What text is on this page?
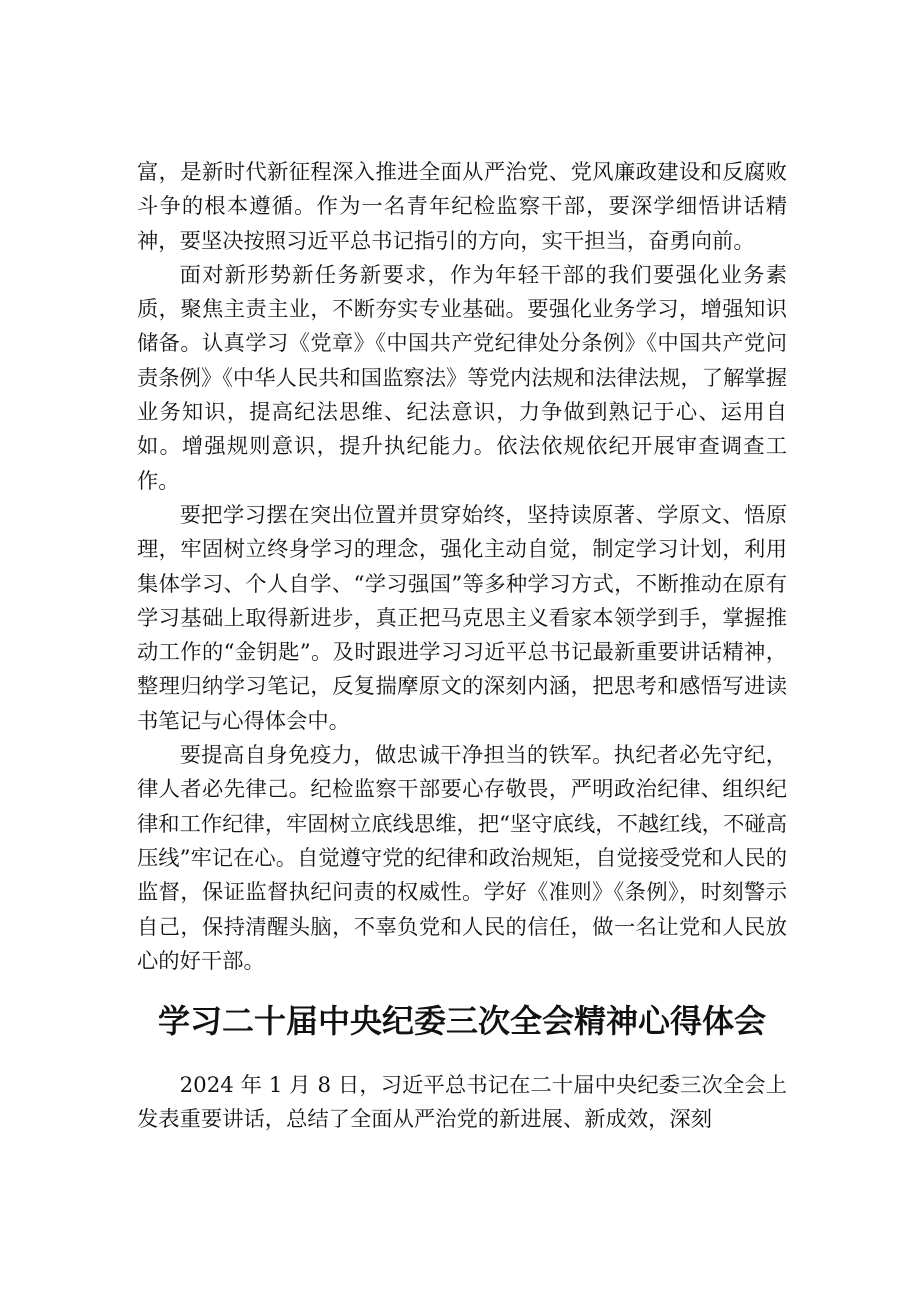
富，是新时代新征程深入推进全面从严治党、党风廉政建设和反腐败斗争的根本遵循。作为一名青年纪检监察干部，要深学细悟讲话精神，要坚决按照习近平总书记指引的方向，实干担当，奋勇向前。

面对新形势新任务新要求，作为年轻干部的我们要强化业务素质，聚焦主责主业，不断夯实专业基础。要强化业务学习，增强知识储备。认真学习《党章》《中国共产党纪律处分条例》《中国共产党问责条例》《中华人民共和国监察法》等党内法规和法律法规，了解掌握业务知识，提高纪法思维、纪法意识，力争做到熟记于心、运用自如。增强规则意识，提升执纪能力。依法依规依纪开展审查调查工作。

要把学习摆在突出位置并贯穿始终，坚持读原著、学原文、悟原理，牢固树立终身学习的理念，强化主动自觉，制定学习计划，利用集体学习、个人自学、“学习强国”等多种学习方式，不断推动在原有学习基础上取得新进步，真正把马克思主义看家本领学到手，掌握推动工作的“金钥匙”。及时跟进学习习近平总书记最新重要讲话精神，整理归纳学习笔记，反复揣摩原文的深刻内涵，把思考和感悟写进读书笔记与心得体会中。

要提高自身免疫力，做忠诚干净担当的铁军。执纪者必先守纪，律人者必先律己。纪检监察干部要心存敬畏，严明政治纪律、组织纪律和工作纪律，牢固树立底线思维，把“坚守底线，不越红线，不碰高压线”牢记在心。自觉遵守党的纪律和政治规矩，自觉接受党和人民的监督，保证监督执纪问责的权威性。学好《准则》《条例》，时刻警示自己，保持清醒头脑，不辜负党和人民的信任，做一名让党和人民放心的好干部。

学习二十届中央纪委三次全会精神心得体会

2024 年 1 月 8 日，习近平总书记在二十届中央纪委三次全会上发表重要讲话，总结了全面从严治党的新进展、新成效，深刻
